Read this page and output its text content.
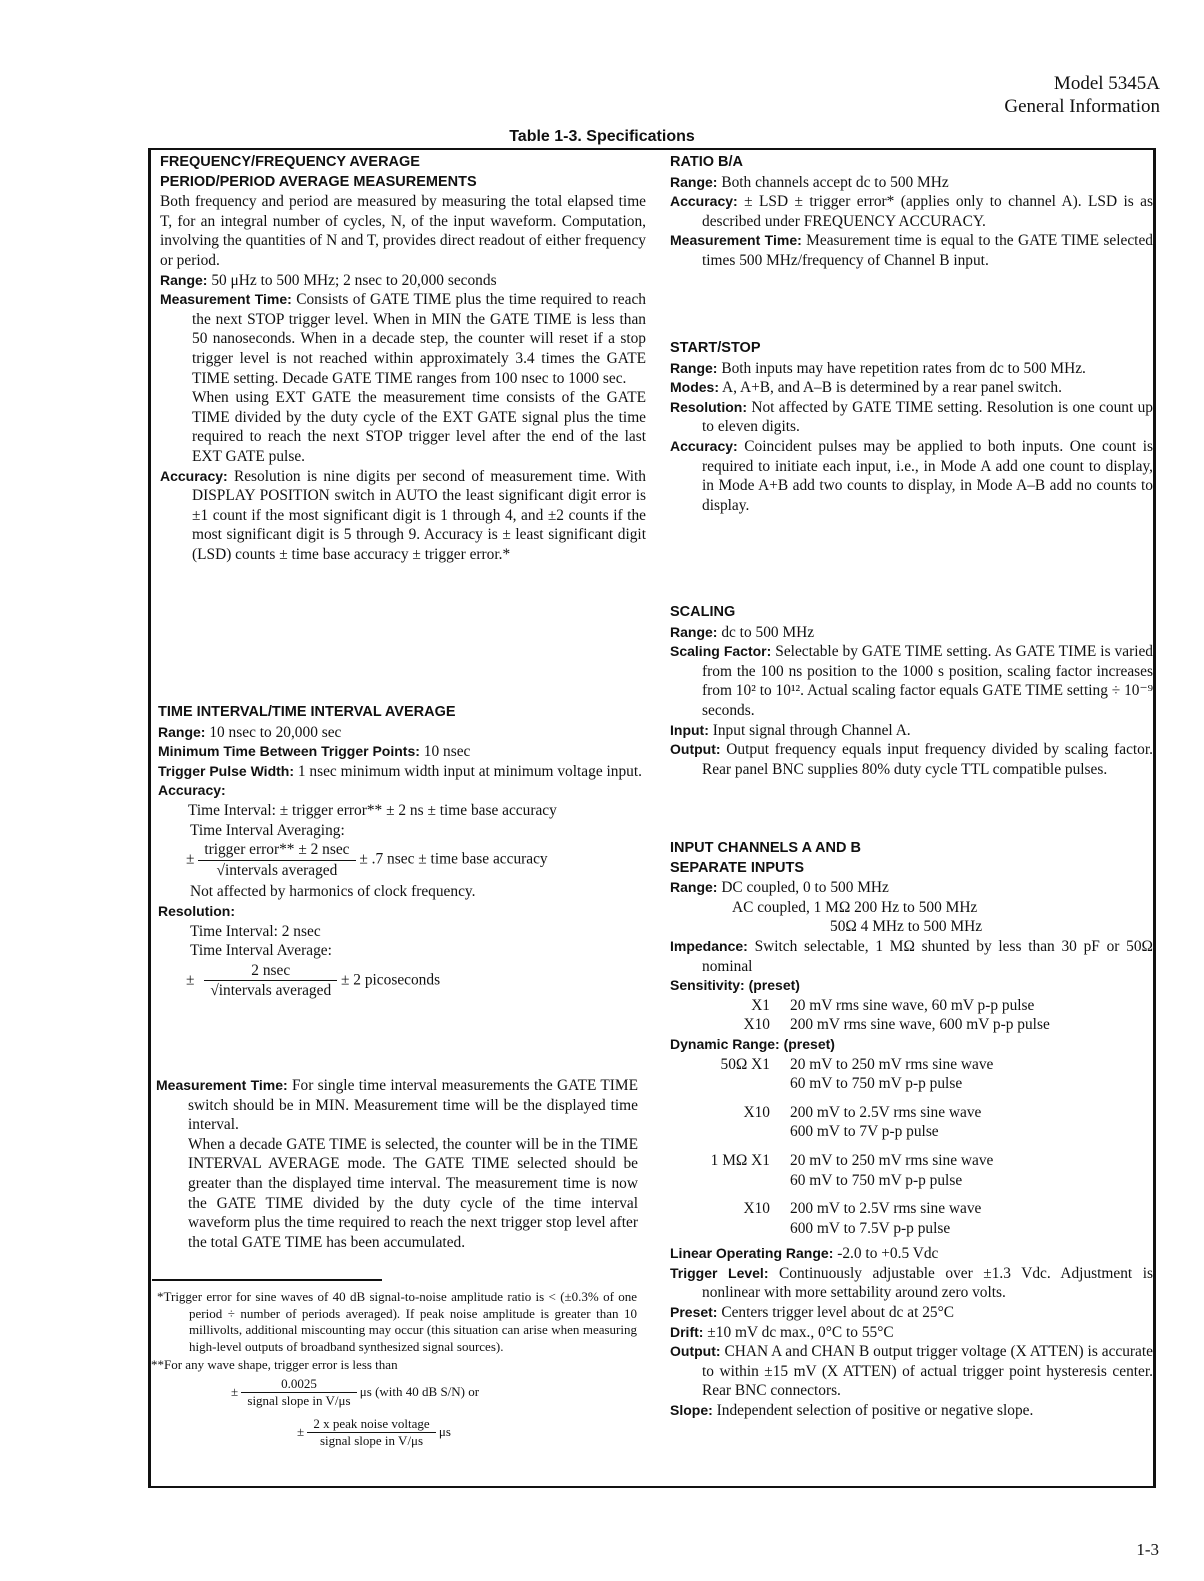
Model 5345A
General Information
Table 1-3. Specifications
FREQUENCY/FREQUENCY AVERAGE
PERIOD/PERIOD AVERAGE MEASUREMENTS

Both frequency and period are measured by measuring the total elapsed time T, for an integral number of cycles, N, of the input waveform. Computation, involving the quantities of N and T, provides direct readout of either frequency or period.

Range: 50 μHz to 500 MHz; 2 nsec to 20,000 seconds

Measurement Time: Consists of GATE TIME plus the time required to reach the next STOP trigger level. When in MIN the GATE TIME is less than 50 nanoseconds. When in a decade step, the counter will reset if a stop trigger level is not reached within approximately 3.4 times the GATE TIME setting. Decade GATE TIME ranges from 100 nsec to 1000 sec.

When using EXT GATE the measurement time consists of the GATE TIME divided by the duty cycle of the EXT GATE signal plus the time required to reach the next STOP trigger level after the end of the last EXT GATE pulse.

Accuracy: Resolution is nine digits per second of measurement time. With DISPLAY POSITION switch in AUTO the least significant digit error is ±1 count if the most significant digit is 1 through 4, and ±2 counts if the most significant digit is 5 through 9. Accuracy is ± least significant digit (LSD) counts ± time base accuracy ± trigger error.*

TIME INTERVAL/TIME INTERVAL AVERAGE

Range: 10 nsec to 20,000 sec

Minimum Time Between Trigger Points: 10 nsec

Trigger Pulse Width: 1 nsec minimum width input at minimum voltage input.

Accuracy:

Time Interval: ± trigger error** ± 2 ns ± time base accuracy

Time Interval Averaging:

± $\frac{\text{trigger error** ± 2 nsec}}{\text{√intervals averaged}} \pm .7$ nsec ± time base accuracy

Not affected by harmonics of clock frequency.

Resolution:

Time Interval: 2 nsec

Time Interval Average:

± $\frac{2 nsec}{\text{√intervals averaged}} \pm 2$ picoseconds

Measurement Time: For single time interval measurements the GATE TIME switch should be in MIN. Measurement time will be the displayed time interval.

When a decade GATE TIME is selected, the counter will be in the TIME INTERVAL AVERAGE mode. The GATE TIME selected should be greater than the displayed time interval. The measurement time is now the GATE TIME divided by the duty cycle of the time interval waveform plus the time required to reach the next trigger stop level after the total GATE TIME has been accumulated.

*Trigger error for sine waves of 40 dB signal-to-noise amplitude ratio is < (±0.3% of one period ÷ number of periods averaged). If peak noise amplitude is greater than 10 millivolts, additional miscounting may occur (this situation can arise when measuring high-level outputs of broadband synthesized signal sources).

**For any wave shape, trigger error is less than

± $\frac{0.0025}{\text{signal slope in V/μs}}$ μs (with 40 dB S/N) or
± $\frac{\text{2 x peak noise voltage}}{\text{signal slope in V/μs}}$ μs
RATIO B/A

Range: Both channels accept dc to 500 MHz

Accuracy: ± LSD ± trigger error* (applies only to channel A). LSD is as described under FREQUENCY ACCURACY.

Measurement Time: Measurement time is equal to the GATE TIME selected times 500 MHz/frequency of Channel B input.

START/STOP

Range: Both inputs may have repetition rates from dc to 500 MHz.

Modes: A, A+B, and A–B is determined by a rear panel switch.

Resolution: Not affected by GATE TIME setting. Resolution is one count up to eleven digits.

Accuracy: Coincident pulses may be applied to both inputs. One count is required to initiate each input, i.e., in Mode A add one count to display, in Mode A+B add two counts to display, in Mode A–B add no counts to display.

SCALING

Range: dc to 500 MHz

Scaling Factor: Selectable by GATE TIME setting. As GATE TIME is varied from the 100 ns position to the 1000 s position, scaling factor increases from 10² to 10¹². Actual scaling factor equals GATE TIME setting ÷ 10⁻⁹ seconds.

Input: Input signal through Channel A.

Output: Output frequency equals input frequency divided by scaling factor. Rear panel BNC supplies 80% duty cycle TTL compatible pulses.

INPUT CHANNELS A AND B
SEPARATE INPUTS

Range: DC coupled, 0 to 500 MHz

AC coupled, 1 MΩ 200 Hz to 500 MHz

50Ω 4 MHz to 500 MHz

Impedance: Switch selectable, 1 MΩ shunted by less than 30 pF or 50Ω nominal

Sensitivity: (preset)
X1	20 mV rms sine wave, 60 mV p-p pulse
X10	200 mV rms sine wave, 600 mV p-p pulse
Dynamic Range: (preset)
50Ω X1	20 mV to 250 mV rms sine wave
60 mV to 750 mV p-p pulse
X10	200 mV to 2.5V rms sine wave
600 mV to 7V p-p pulse
1 MΩ X1	20 mV to 250 mV rms sine wave
60 mV to 750 mV p-p pulse
X10	200 mV to 2.5V rms sine wave
600 mV to 7.5V p-p pulse

Linear Operating Range: -2.0 to +0.5 Vdc

Trigger Level: Continuously adjustable over ±1.3 Vdc. Adjustment is nonlinear with more settability around zero volts.

Preset: Centers trigger level about dc at 25°C

Drift: ±10 mV dc max., 0°C to 55°C

Output: CHAN A and CHAN B output trigger voltage (X ATTEN) is accurate to within ±15 mV (X ATTEN) of actual trigger point hysteresis center. Rear BNC connectors.

Slope: Independent selection of positive or negative slope.

1-3
